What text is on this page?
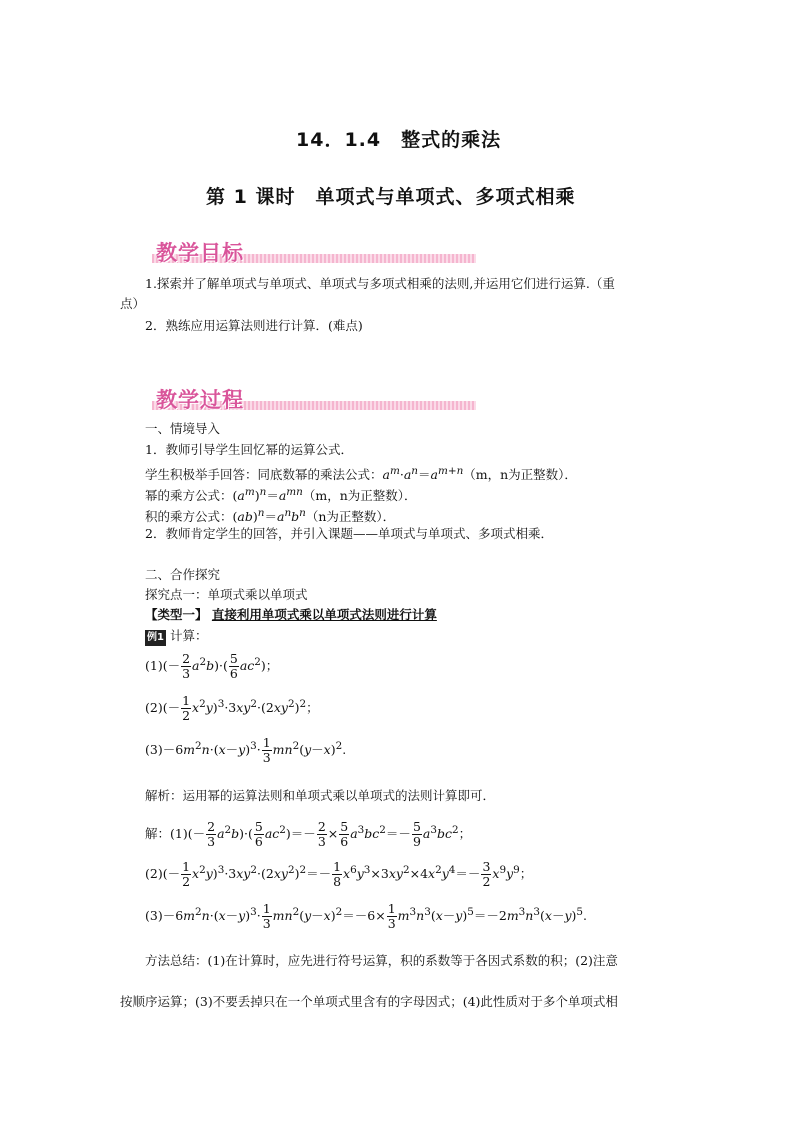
14．1.4　整式的乘法
第 1 课时　单项式与单项式、多项式相乘
教学目标
1.探索并了解单项式与单项式、单项式与多项式相乘的法则,并运用它们进行运算.（重
点）
2．熟练应用运算法则进行计算．(难点)
教学过程
一、情境导入
1．教师引导学生回忆幂的运算公式．
学生积极举手回答：同底数幂的乘法公式：$a^m\cdot a^n=a^{m+n}(m$，n为正整数）．
幂的乘方公式：$(a^m)^n=a^{mn}(m$，n为正整数）．
积的乘方公式：$(ab)^n=a^nb^n(n$为正整数）．
2．教师肯定学生的回答，并引入课题——单项式与单项式、多项式相乘．
二、合作探究
探究点一：单项式乘以单项式
【类型一】 直接利用单项式乘以单项式法则进行计算
例1 计算：
$(1)(- \frac{2}{3} a^2b)\cdot( \frac{5}{6} ac^2)$；
$(2)(- \frac{1}{2} x^2y)^3\cdot 3xy^2\cdot(2xy^2)^2$；
$(3)-6m^2n\cdot(x-y)^3\cdot \frac{1}{3} mn^2(y-x)^2$.
解析：运用幂的运算法则和单项式乘以单项式的法则计算即可．
解：$(1)(- \frac{2}{3} a^2b)\cdot( \frac{5}{6} ac^2)=- \frac{2}{3} \times \frac{5}{6} a^3bc^2=- \frac{5}{9} a^3bc^2$；
$(2)(- \frac{1}{2} x^2y)^3\cdot 3xy^2\cdot(2xy^2)^2=- \frac{1}{8} x^6y^3\times 3xy^2\times 4x^2y^4=- \frac{3}{2} x^9y^9$；
$(3)-6m^2n\cdot(x-y)^3\cdot \frac{1}{3} mn^2(y-x)^2=-6\times \frac{1}{3} m^3n^3(x-y)^5=-2m^3n^3(x-y)^5$.
方法总结：(1)在计算时，应先进行符号运算，积的系数等于各因式系数的积；(2)注意
按顺序运算；(3)不要丢掉只在一个单项式里含有的字母因式；(4)此性质对于多个单项式相
